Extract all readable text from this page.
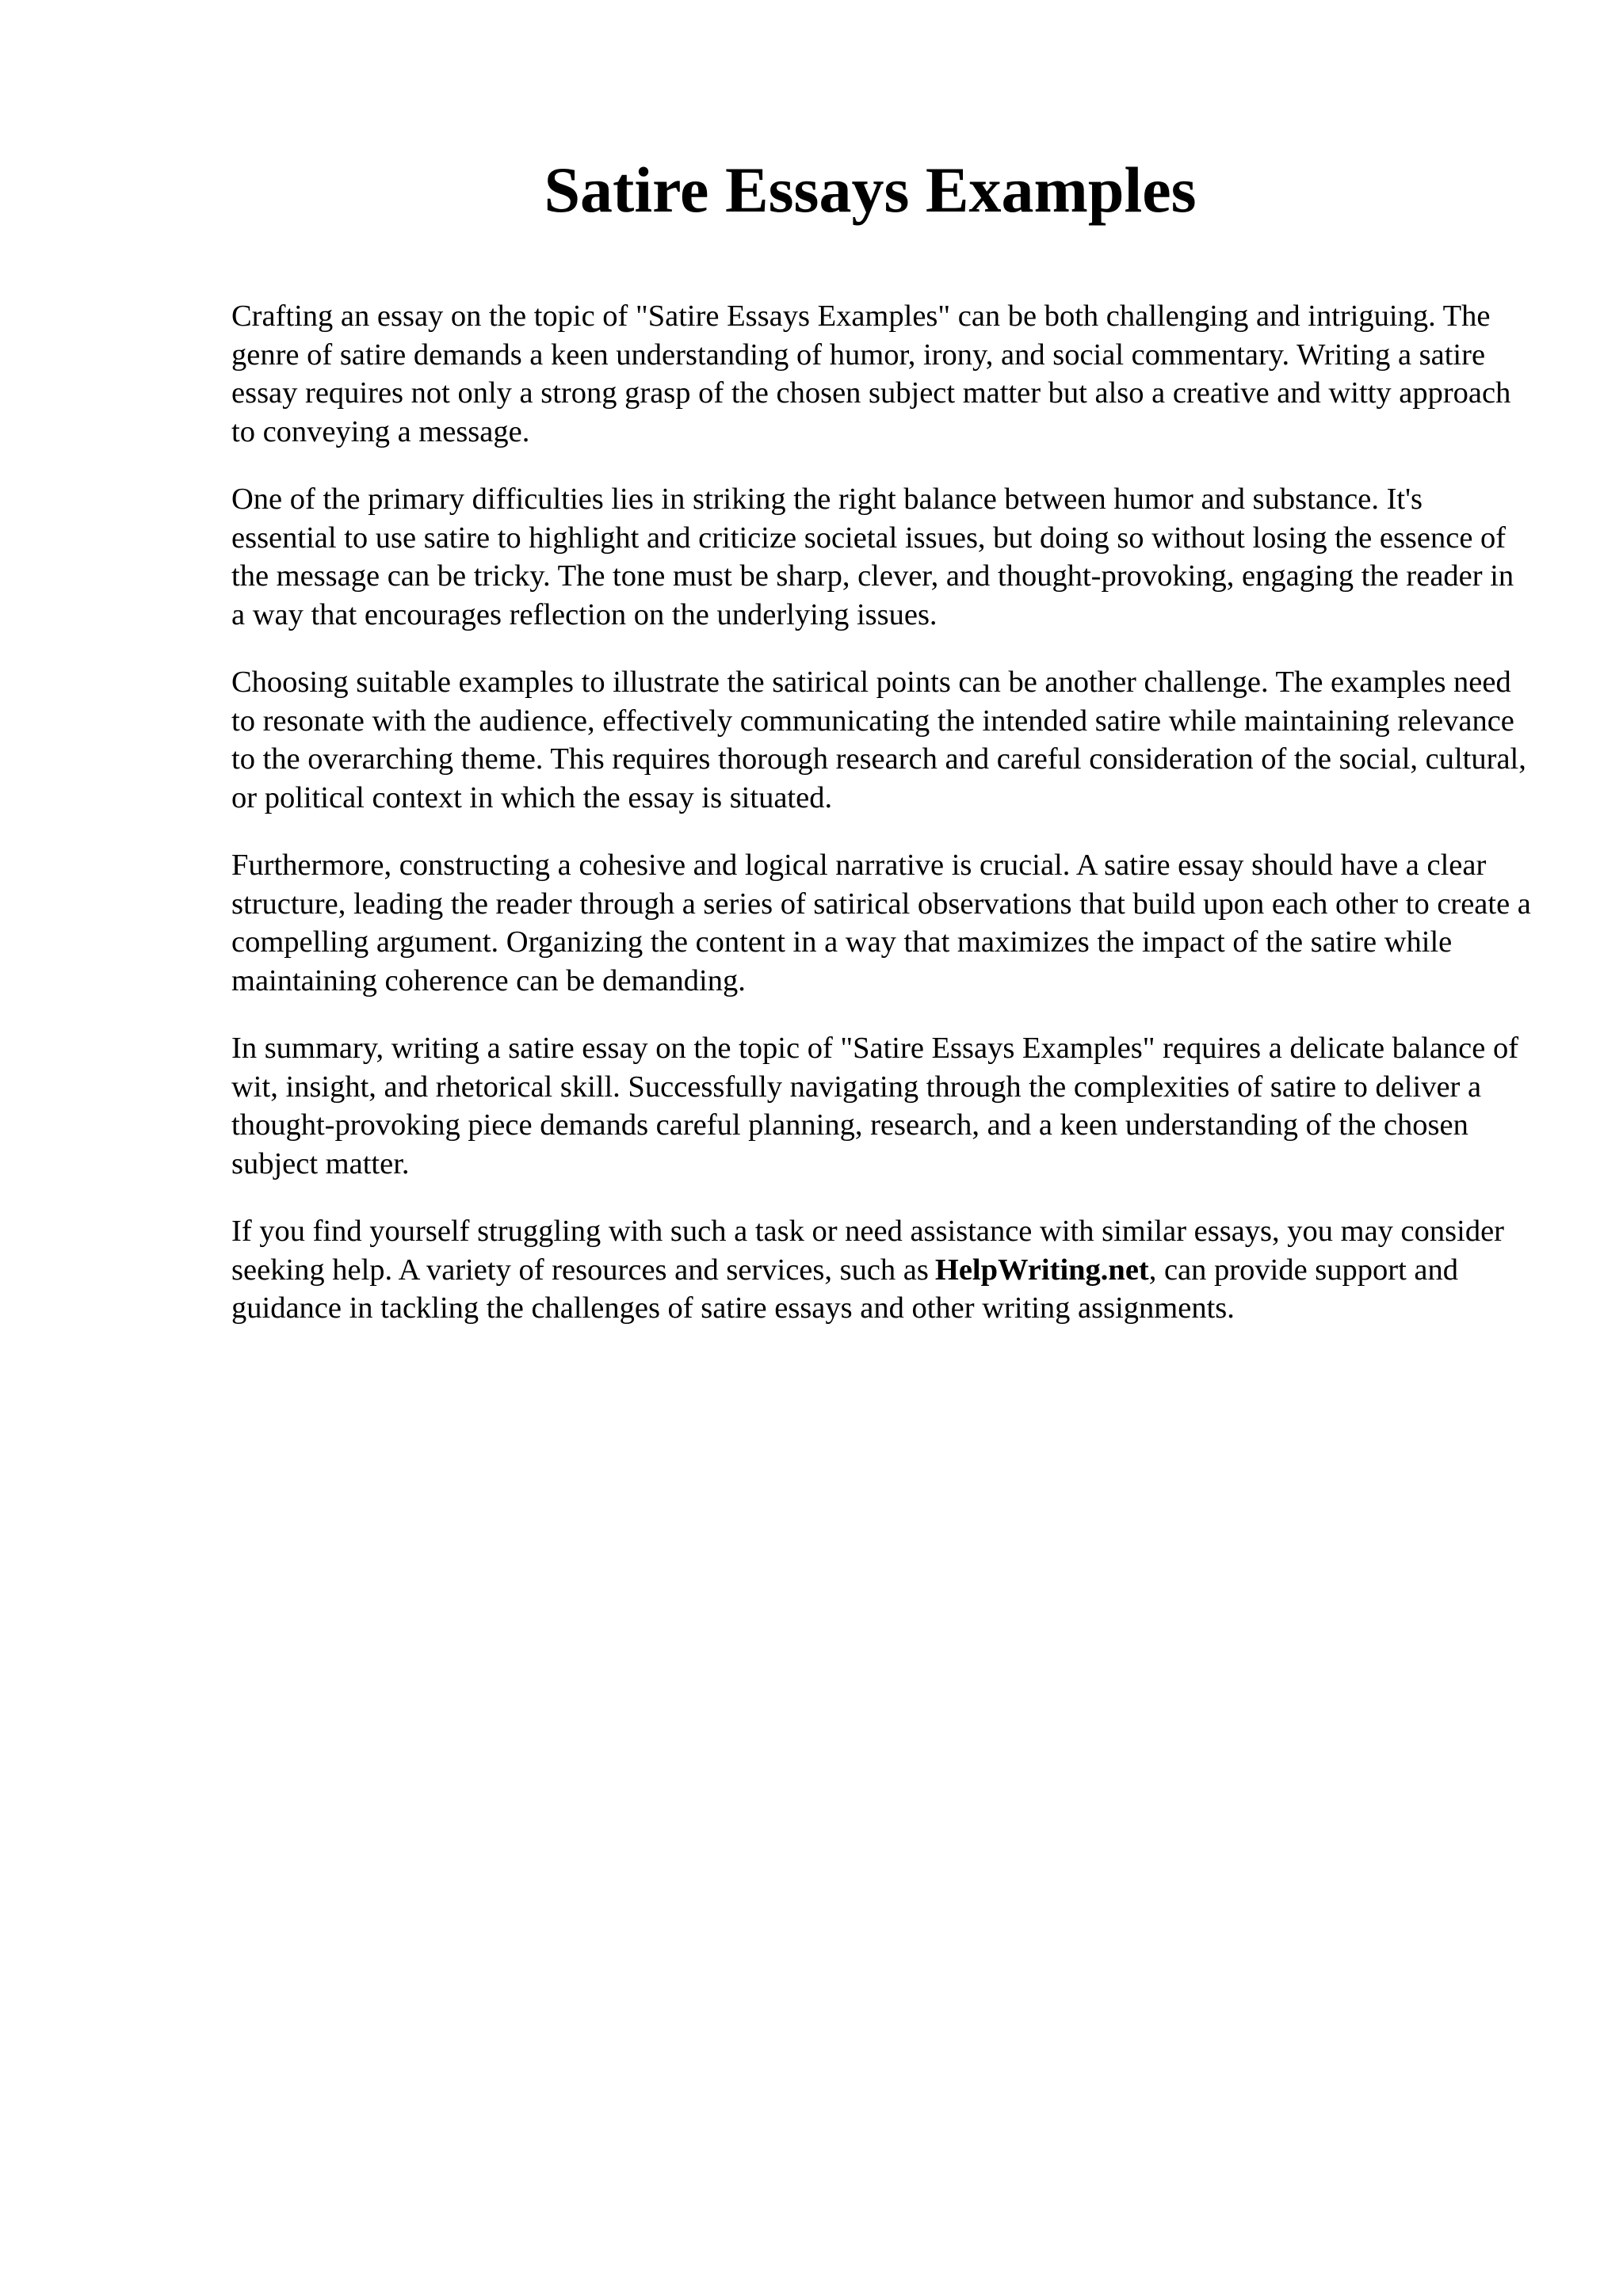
Satire Essays Examples

Crafting an essay on the topic of "Satire Essays Examples" can be both challenging and intriguing. The genre of satire demands a keen understanding of humor, irony, and social commentary. Writing a satire essay requires not only a strong grasp of the chosen subject matter but also a creative and witty approach to conveying a message.

One of the primary difficulties lies in striking the right balance between humor and substance. It's essential to use satire to highlight and criticize societal issues, but doing so without losing the essence of the message can be tricky. The tone must be sharp, clever, and thought-provoking, engaging the reader in a way that encourages reflection on the underlying issues.

Choosing suitable examples to illustrate the satirical points can be another challenge. The examples need to resonate with the audience, effectively communicating the intended satire while maintaining relevance to the overarching theme. This requires thorough research and careful consideration of the social, cultural, or political context in which the essay is situated.

Furthermore, constructing a cohesive and logical narrative is crucial. A satire essay should have a clear structure, leading the reader through a series of satirical observations that build upon each other to create a compelling argument. Organizing the content in a way that maximizes the impact of the satire while maintaining coherence can be demanding.

In summary, writing a satire essay on the topic of "Satire Essays Examples" requires a delicate balance of wit, insight, and rhetorical skill. Successfully navigating through the complexities of satire to deliver a thought-provoking piece demands careful planning, research, and a keen understanding of the chosen subject matter.

If you find yourself struggling with such a task or need assistance with similar essays, you may consider seeking help. A variety of resources and services, such as HelpWriting.net, can provide support and guidance in tackling the challenges of satire essays and other writing assignments.
